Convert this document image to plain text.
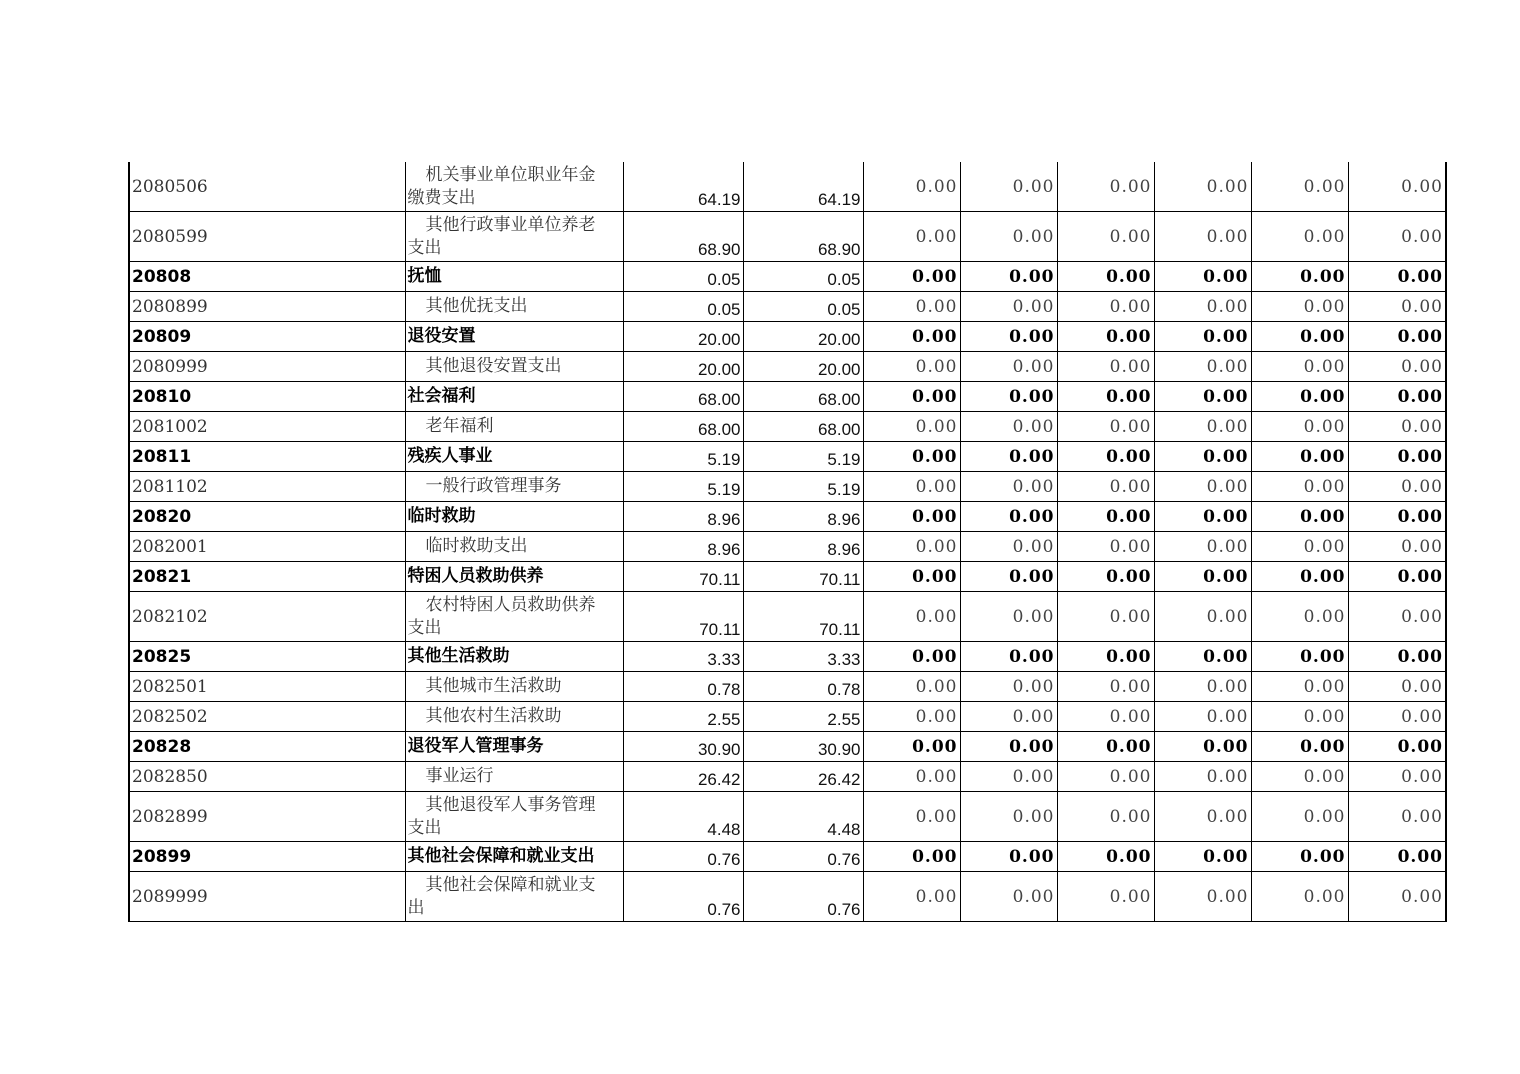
2080506	机关事业单位职业年金
缴费支出	64.19	64.19	0.00	0.00	0.00	0.00	0.00	0.00
2080599	其他行政事业单位养老
支出	68.90	68.90	0.00	0.00	0.00	0.00	0.00	0.00
20808	抚恤	0.05	0.05	0.00	0.00	0.00	0.00	0.00	0.00
2080899	其他优抚支出	0.05	0.05	0.00	0.00	0.00	0.00	0.00	0.00
20809	退役安置	20.00	20.00	0.00	0.00	0.00	0.00	0.00	0.00
2080999	其他退役安置支出	20.00	20.00	0.00	0.00	0.00	0.00	0.00	0.00
20810	社会福利	68.00	68.00	0.00	0.00	0.00	0.00	0.00	0.00
2081002	老年福利	68.00	68.00	0.00	0.00	0.00	0.00	0.00	0.00
20811	残疾人事业	5.19	5.19	0.00	0.00	0.00	0.00	0.00	0.00
2081102	一般行政管理事务	5.19	5.19	0.00	0.00	0.00	0.00	0.00	0.00
20820	临时救助	8.96	8.96	0.00	0.00	0.00	0.00	0.00	0.00
2082001	临时救助支出	8.96	8.96	0.00	0.00	0.00	0.00	0.00	0.00
20821	特困人员救助供养	70.11	70.11	0.00	0.00	0.00	0.00	0.00	0.00
2082102	农村特困人员救助供养
支出	70.11	70.11	0.00	0.00	0.00	0.00	0.00	0.00
20825	其他生活救助	3.33	3.33	0.00	0.00	0.00	0.00	0.00	0.00
2082501	其他城市生活救助	0.78	0.78	0.00	0.00	0.00	0.00	0.00	0.00
2082502	其他农村生活救助	2.55	2.55	0.00	0.00	0.00	0.00	0.00	0.00
20828	退役军人管理事务	30.90	30.90	0.00	0.00	0.00	0.00	0.00	0.00
2082850	事业运行	26.42	26.42	0.00	0.00	0.00	0.00	0.00	0.00
2082899	其他退役军人事务管理
支出	4.48	4.48	0.00	0.00	0.00	0.00	0.00	0.00
20899	其他社会保障和就业支出	0.76	0.76	0.00	0.00	0.00	0.00	0.00	0.00
2089999	其他社会保障和就业支
出	0.76	0.76	0.00	0.00	0.00	0.00	0.00	0.00
